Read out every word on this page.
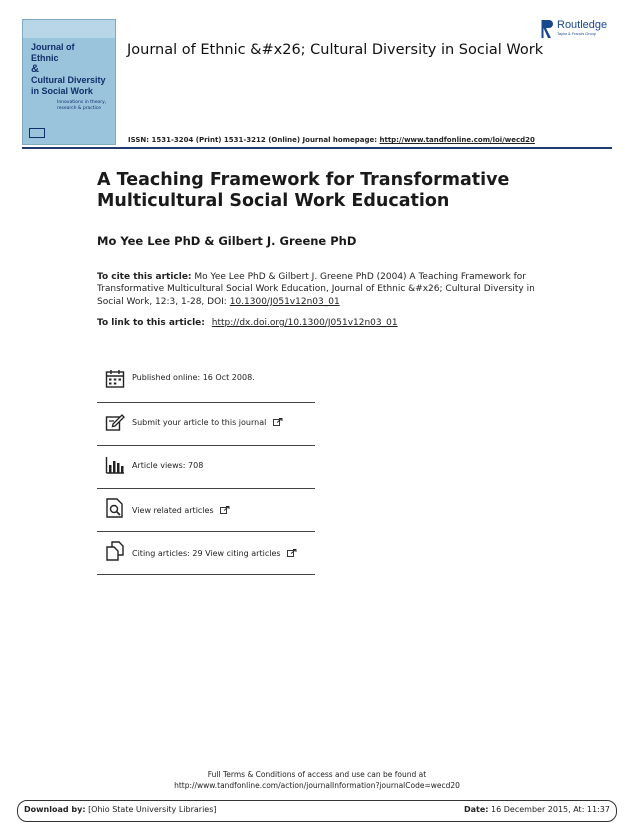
Journal of
Ethnic
&
Cultural Diversity
in Social Work
Innovations in theory, research & practice
Journal of Ethnic &#x26; Cultural Diversity in Social Work
Routledge
Taylor & Francis Group
ISSN: 1531-3204 (Print) 1531-3212 (Online) Journal homepage: http://www.tandfonline.com/loi/wecd20
A Teaching Framework for Transformative
Multicultural Social Work Education
Mo Yee Lee PhD & Gilbert J. Greene PhD
To cite this article: Mo Yee Lee PhD & Gilbert J. Greene PhD (2004) A Teaching Framework for Transformative Multicultural Social Work Education, Journal of Ethnic &#x26; Cultural Diversity in Social Work, 12:3, 1-28, DOI: 10.1300/J051v12n03_01
To link to this article: http://dx.doi.org/10.1300/J051v12n03_01
Published online: 16 Oct 2008.
Submit your article to this journal
Article views: 708
View related articles
Citing articles: 29 View citing articles
Full Terms & Conditions of access and use can be found at
http://www.tandfonline.com/action/journalInformation?journalCode=wecd20
Download by: [Ohio State University Libraries]	Date: 16 December 2015, At: 11:37
